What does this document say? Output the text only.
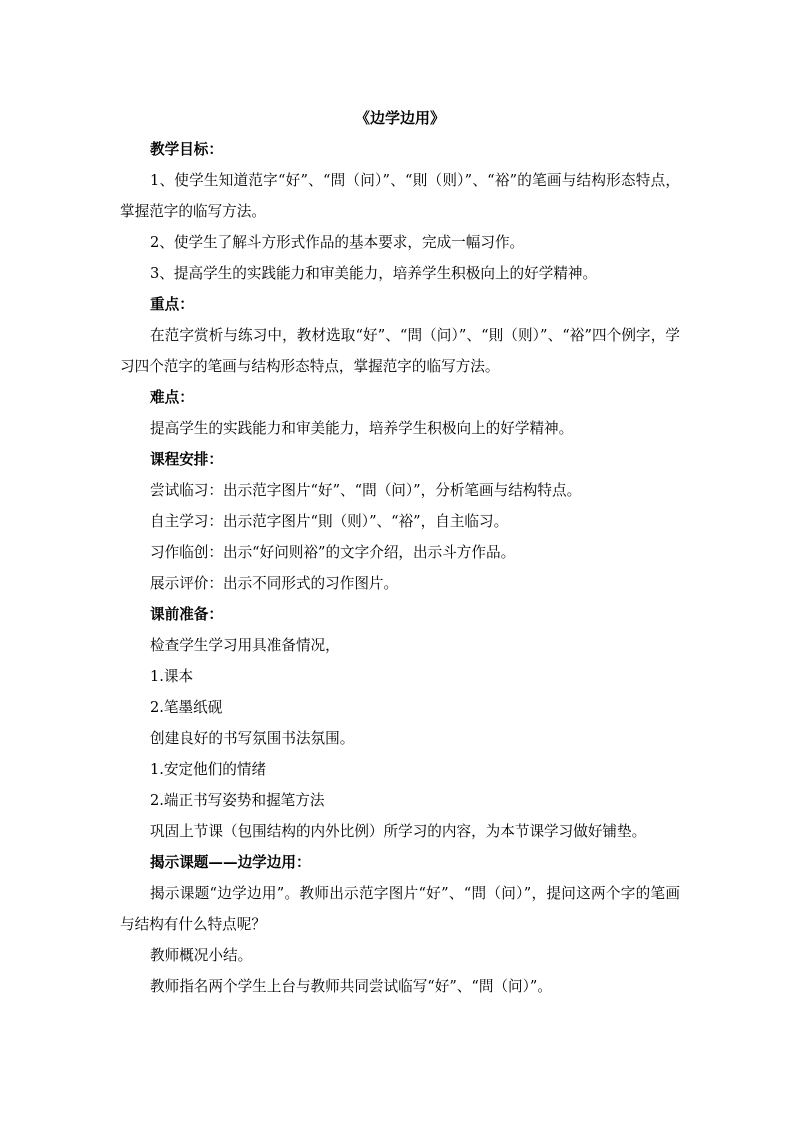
《边学边用》

教学目标：

1、使学生知道范字“好”、“問（问）”、“則（则）”、“裕”的笔画与结构形态特点，掌握范字的临写方法。

2、使学生了解斗方形式作品的基本要求，完成一幅习作。

3、提高学生的实践能力和审美能力，培养学生积极向上的好学精神。

重点：

在范字赏析与练习中，教材选取“好”、“問（问）”、“則（则）”、“裕”四个例字，学习四个范字的笔画与结构形态特点，掌握范字的临写方法。

难点：

提高学生的实践能力和审美能力，培养学生积极向上的好学精神。

课程安排：

尝试临习：出示范字图片“好”、“問（问）”，分析笔画与结构特点。

自主学习：出示范字图片“則（则）”、“裕”，自主临习。

习作临创：出示“好问则裕”的文字介绍，出示斗方作品。

展示评价：出示不同形式的习作图片。

课前准备：

检查学生学习用具准备情况，

1.课本

2.笔墨纸砚

创建良好的书写氛围书法氛围。

1.安定他们的情绪

2.端正书写姿势和握笔方法

巩固上节课（包围结构的内外比例）所学习的内容，为本节课学习做好铺垫。

揭示课题——边学边用：

揭示课题“边学边用”。教师出示范字图片“好”、“問（问）”，提问这两个字的笔画与结构有什么特点呢？

教师概况小结。

教师指名两个学生上台与教师共同尝试临写“好”、“問（问）”。
